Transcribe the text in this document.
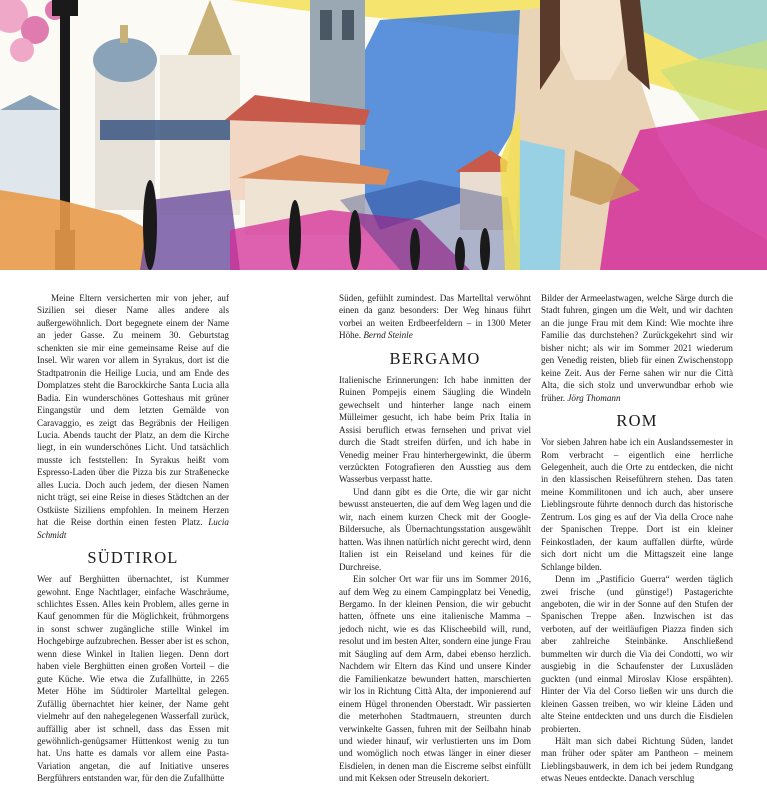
Meine Eltern versicherten mir von jeher, auf Sizilien sei dieser Name alles andere als außergewöhnlich. Dort begegnete einem der Name an jeder Gasse. Zu meinem 30. Geburtstag schenkten sie mir eine gemeinsame Reise auf die Insel. Wir waren vor allem in Syrakus, dort ist die Stadtpatronin die Heilige Lucia, und am Ende des Domplatzes steht die Barockkirche Santa Lucia alla Badia. Ein wunderschönes Gotteshaus mit grüner Eingangstür und dem letzten Gemälde von Caravaggio, es zeigt das Begräbnis der Heiligen Lucia. Abends taucht der Platz, an dem die Kirche liegt, in ein wunderschönes Licht. Und tatsächlich musste ich feststellen: In Syrakus heißt vom Espresso-Laden über die Pizza bis zur Straßenecke alles Lucia. Doch auch jedem, der diesen Namen nicht trägt, sei eine Reise in dieses Städtchen an der Ostküste Siziliens empfohlen. In meinem Herzen hat die Reise dorthin einen festen Platz. Lucia Schmidt

SÜDTIROL

Wer auf Berghütten übernachtet, ist Kummer gewohnt. Enge Nachtlager, einfache Waschräume, schlichtes Essen. Alles kein Problem, alles gerne in Kauf genommen für die Möglichkeit, frühmorgens in sonst schwer zugängliche stille Winkel im Hochgebirge aufzubrechen. Besser aber ist es schon, wenn diese Winkel in Italien liegen. Denn dort haben viele Berghütten einen großen Vorteil – die gute Küche. Wie etwa die Zufallhütte, in 2265 Meter Höhe im Südtiroler Martelltal gelegen. Zufällig übernachtet hier keiner, der Name geht vielmehr auf den nahegelegenen Wasserfall zurück, auffällig aber ist schnell, dass das Essen mit gewöhnlich-genügsamer Hüttenkost wenig zu tun hat. Uns hatte es damals vor allem eine Pasta-Variation angetan, die auf Initiative unseres Bergführers entstanden war, für den die Zufallhütte

Süden, gefühlt zumindest. Das Martelltal verwöhnt einen da ganz besonders: Der Weg hinaus führt vorbei an weiten Erdbeerfeldern – in 1300 Meter Höhe. Bernd Steinle

BERGAMO

Italienische Erinnerungen: Ich habe inmitten der Ruinen Pompejis einem Säugling die Windeln gewechselt und hinterher lange nach einem Mülleimer gesucht, ich habe beim Prix Italia in Assisi beruflich etwas fernsehen und privat viel durch die Stadt streifen dürfen, und ich habe in Venedig meiner Frau hinterhergewinkt, die überm verzückten Fotografieren den Ausstieg aus dem Wasserbus verpasst hatte.

Und dann gibt es die Orte, die wir gar nicht bewusst ansteuerten, die auf dem Weg lagen und die wir, nach einem kurzen Check mit der Google-Bildersuche, als Übernachtungsstation ausgewählt hatten. Was ihnen natürlich nicht gerecht wird, denn Italien ist ein Reiseland und keines für die Durchreise.

Ein solcher Ort war für uns im Sommer 2016, auf dem Weg zu einem Campingplatz bei Venedig, Bergamo. In der kleinen Pension, die wir gebucht hatten, öffnete uns eine italienische Mamma – jedoch nicht, wie es das Klischeebild will, rund, resolut und im besten Alter, sondern eine junge Frau mit Säugling auf dem Arm, dabei ebenso herzlich. Nachdem wir Eltern das Kind und unsere Kinder die Familienkatze bewundert hatten, marschierten wir los in Richtung Città Alta, der imponierend auf einem Hügel thronenden Oberstadt. Wir passierten die meterhohen Stadtmauern, streunten durch verwinkelte Gassen, fuhren mit der Seilbahn hinab und wieder hinauf, wir verlustierten uns im Dom und womöglich noch etwas länger in einer dieser Eisdielen, in denen man die Eiscreme selbst einfüllt und mit Keksen oder Streuseln dekoriert.

Bilder der Armeelastwagen, welche Särge durch die Stadt fuhren, gingen um die Welt, und wir dachten an die junge Frau mit dem Kind: Wie mochte ihre Familie das durchstehen? Zurückgekehrt sind wir bisher nicht; als wir im Sommer 2021 wiederum gen Venedig reisten, blieb für einen Zwischenstopp keine Zeit. Aus der Ferne sahen wir nur die Città Alta, die sich stolz und unverwundbar erhob wie früher. Jörg Thomann

ROM

Vor sieben Jahren habe ich ein Auslandssemester in Rom verbracht – eigentlich eine herrliche Gelegenheit, auch die Orte zu entdecken, die nicht in den klassischen Reiseführern stehen. Das taten meine Kommilitonen und ich auch, aber unsere Lieblingsroute führte dennoch durch das historische Zentrum. Los ging es auf der Via della Croce nahe der Spanischen Treppe. Dort ist ein kleiner Feinkostladen, der kaum auffallen dürfte, würde sich dort nicht um die Mittagszeit eine lange Schlange bilden.

Denn im „Pastificio Guerra“ werden täglich zwei frische (und günstige!) Pastagerichte angeboten, die wir in der Sonne auf den Stufen der Spanischen Treppe aßen. Inzwischen ist das verboten, auf der weitläufigen Piazza finden sich aber zahlreiche Steinbänke. Anschließend bummelten wir durch die Via dei Condotti, wo wir ausgiebig in die Schaufenster der Luxusläden guckten (und einmal Miroslav Klose erspähten). Hinter der Via del Corso ließen wir uns durch die kleinen Gassen treiben, wo wir kleine Läden und alte Steine entdeckten und uns durch die Eisdielen probierten.

Hält man sich dabei Richtung Süden, landet man früher oder später am Pantheon – meinem Lieblingsbauwerk, in dem ich bei jedem Rundgang etwas Neues entdeckte. Danach verschlug
